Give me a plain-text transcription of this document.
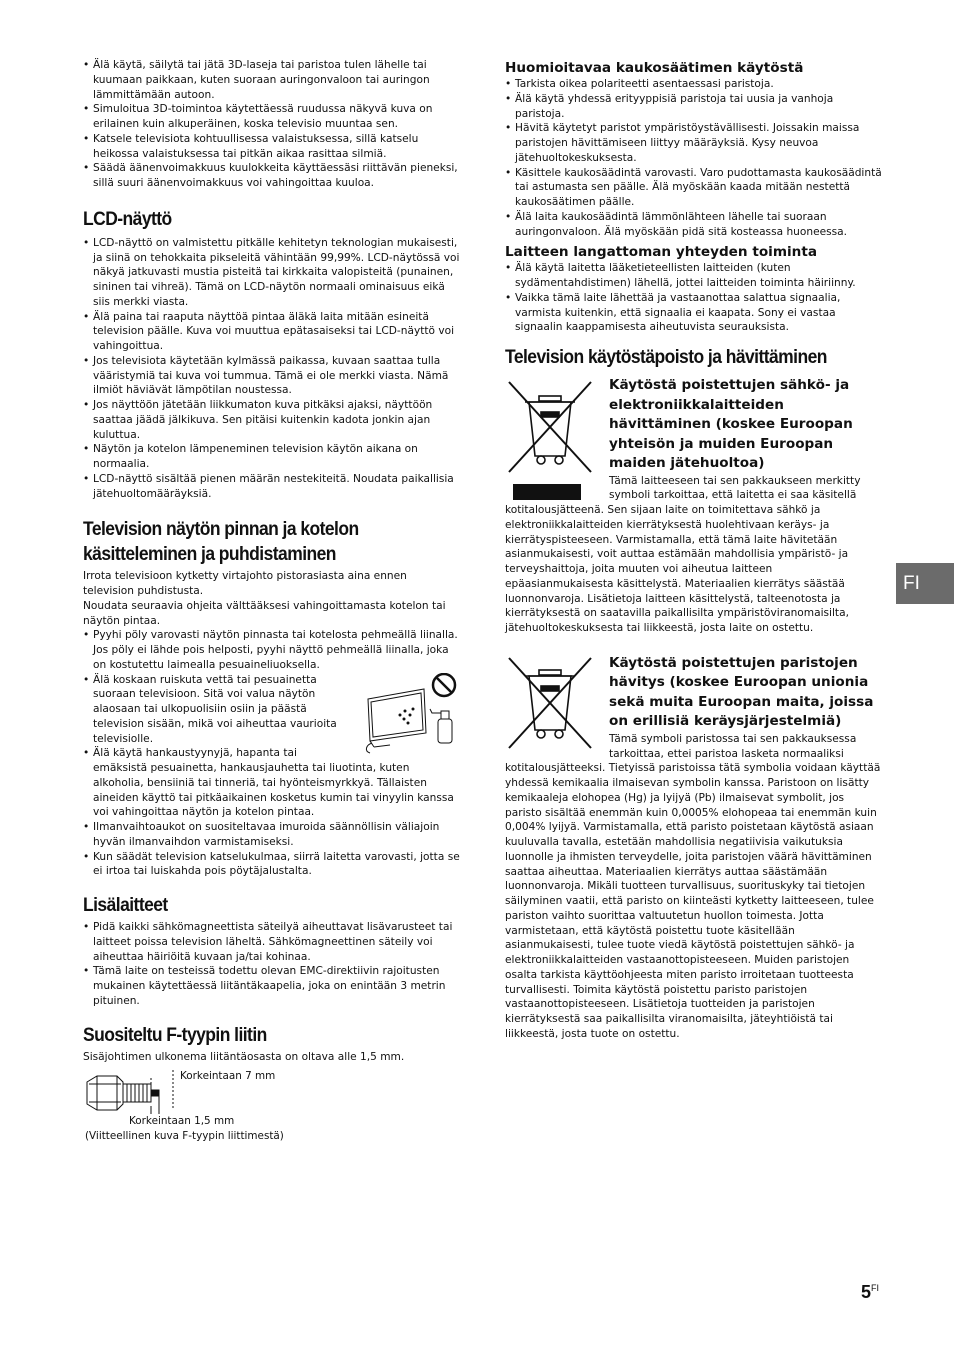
• Älä käytä, säilytä tai jätä 3D-laseja tai paristoa tulen lähelle tai kuumaan paikkaan, kuten suoraan auringonvaloon tai auringon lämmittämään autoon.
• Simuloitua 3D-toimintoa käytettäessä ruudussa näkyvä kuva on erilainen kuin alkuperäinen, koska televisio muuntaa sen.
• Katsele televisiota kohtuullisessa valaistuksessa, sillä katselu heikossa valaistuksessa tai pitkän aikaa rasittaa silmiä.
• Säädä äänenvoimakkuus kuulokkeita käyttäessäsi riittävän pieneksi, sillä suuri äänenvoimakkuus voi vahingoittaa kuuloa.
LCD-näyttö
• LCD-näyttö on valmistettu pitkälle kehitetyn teknologian mukaisesti, ja siinä on tehokkaita pikseleitä vähintään 99,99%. LCD-näytössä voi näkyä jatkuvasti mustia pisteitä tai kirkkaita valopisteitä (punainen, sininen tai vihreä). Tämä on LCD-näytön normaali ominaisuus eikä siis merkki viasta.
• Älä paina tai raaputa näyttöä pintaa äläkä laita mitään esineitä television päälle. Kuva voi muuttua epätasaiseksi tai LCD-näyttö voi vahingoittua.
• Jos televisiota käytetään kylmässä paikassa, kuvaan saattaa tulla vääristymiä tai kuva voi tummua. Tämä ei ole merkki viasta. Nämä ilmiöt häviävät lämpötilan noustessa.
• Jos näyttöön jätetään liikkumaton kuva pitkäksi ajaksi, näyttöön saattaa jäädä jälkikuva. Sen pitäisi kuitenkin kadota jonkin ajan kuluttua.
• Näytön ja kotelon lämpeneminen television käytön aikana on normaalia.
• LCD-näyttö sisältää pienen määrän nestekiteitä. Noudata paikallisia jätehuoltomääräyksiä.
Television näytön pinnan ja kotelon
käsitteleminen ja puhdistaminen

Irrota televisioon kytketty virtajohto pistorasiasta aina ennen television puhdistusta.

Noudata seuraavia ohjeita välttääksesi vahingoittamasta kotelon tai näytön pintaa.

• Pyyhi pöly varovasti näytön pinnasta tai kotelosta pehmeällä liinalla. Jos pöly ei lähde pois helposti, pyyhi näyttö pehmeällä liinalla, joka on kostutettu laimealla pesuaineliuoksella.
• Älä koskaan ruiskuta vettä tai pesuainetta suoraan televisioon. Sitä voi valua näytön alaosaan tai ulkopuolisiin osiin ja päästä television sisään, mikä voi aiheuttaa vaurioita televisiolle.
• Älä käytä hankaustyynyjä, hapanta tai emäksistä pesuainetta, hankausjauhetta tai liuotinta, kuten alkoholia, bensiiniä tai tinneriä, tai hyönteismyrkkyä. Tällaisten aineiden käyttö tai pitkäaikainen kosketus kumin tai vinyylin kanssa voi vahingoittaa näytön ja kotelon pintaa.
• Ilmanvaihtoaukot on suositeltavaa imuroida säännöllisin väliajoin hyvän ilmanvaihdon varmistamiseksi.
• Kun säädät television katselukulmaa, siirrä laitetta varovasti, jotta se ei irtoa tai luiskahda pois pöytäjalustalta.
Lisälaitteet
• Pidä kaikki sähkömagneettista säteilyä aiheuttavat lisävarusteet tai laitteet poissa television läheltä. Sähkömagneettinen säteily voi aiheuttaa häiriöitä kuvaan ja/tai kohinaa.
• Tämä laite on testeissä todettu olevan EMC-direktiivin rajoitusten mukainen käytettäessä liitäntäkaapelia, joka on enintään 3 metrin pituinen.
Suositeltu F-tyypin liitin

Sisäjohtimen ulkonema liitäntäosasta on oltava alle 1,5 mm.

Korkeintaan 7 mm
Korkeintaan 1,5 mm
(Viitteellinen kuva F-tyypin liittimestä)
Huomioitavaa kaukosäätimen käytöstä
• Tarkista oikea polariteetti asentaessasi paristoja.
• Älä käytä yhdessä erityyppisiä paristoja tai uusia ja vanhoja paristoja.
• Hävitä käytetyt paristot ympäristöystävällisesti. Joissakin maissa paristojen hävittämiseen liittyy määräyksiä. Kysy neuvoa jätehuoltokeskuksesta.
• Käsittele kaukosäädintä varovasti. Varo pudottamasta kaukosäädintä tai astumasta sen päälle. Älä myöskään kaada mitään nestettä kaukosäätimen päälle.
• Älä laita kaukosäädintä lämmönlähteen lähelle tai suoraan auringonvaloon. Älä myöskään pidä sitä kosteassa huoneessa.
Laitteen langattoman yhteyden toiminta
• Älä käytä laitetta lääketieteellisten laitteiden (kuten sydämentahdistimen) lähellä, jottei laitteiden toiminta häiriinny.
• Vaikka tämä laite lähettää ja vastaanottaa salattua signaalia, varmista kuitenkin, että signaalia ei kaapata. Sony ei vastaa signaalin kaappamisesta aiheutuvista seurauksista.
Television käytöstäpoisto ja hävittäminen
Käytöstä poistettujen sähkö- ja elektroniikkalaitteiden hävittäminen (koskee Euroopan yhteisön ja muiden Euroopan maiden jätehuoltoa)

Tämä laitteeseen tai sen pakkaukseen merkitty symboli tarkoittaa, että laitetta ei saa käsitellä kotitalousjätteenä. Sen sijaan laite on toimitettava sähkö ja elektroniikkalaitteiden kierrätyksestä huolehtivaan keräys- ja kierrätyspisteeseen. Varmistamalla, että tämä laite hävitetään asianmukaisesti, voit auttaa estämään mahdollisia ympäristö- ja terveyshaittoja, joita muuten voi aiheutua laitteen epäasianmukaisesta käsittelystä. Materiaalien kierrätys säästää luonnonvaroja. Lisätietoja laitteen käsittelystä, talteenotosta ja kierrätyksestä on saatavilla paikallisilta ympäristöviranomaisilta, jätehuoltokeskuksesta tai liikkeestä, josta laite on ostettu.

Käytöstä poistettujen paristojen hävitys (koskee Euroopan unionia sekä muita Euroopan maita, joissa on erillisiä keräysjärjestelmiä)

Tämä symboli paristossa tai sen pakkauksessa tarkoittaa, ettei paristoa lasketa normaaliksi kotitalousjätteeksi. Tietyissä paristoissa tätä symbolia voidaan käyttää yhdessä kemikaalia ilmaisevan symbolin kanssa. Paristoon on lisätty kemikaaleja elohopea (Hg) ja lyijyä (Pb) ilmaisevat symbolit, jos paristo sisältää enemmän kuin 0,0005% elohopeaa tai enemmän kuin 0,004% lyijyä. Varmistamalla, että paristo poistetaan käytöstä asiaan kuuluvalla tavalla, estetään mahdollisia negatiivisia vaikutuksia luonnolle ja ihmisten terveydelle, joita paristojen väärä hävittäminen saattaa aiheuttaa. Materiaalien kierrätys auttaa säästämään luonnonvaroja. Mikäli tuotteen turvallisuus, suorituskyky tai tietojen säilyminen vaatii, että paristo on kiinteästi kytketty laitteeseen, tulee pariston vaihto suorittaa valtuutetun huollon toimesta. Jotta varmistetaan, että käytöstä poistettu tuote käsitellään asianmukaisesti, tulee tuote viedä käytöstä poistettujen sähkö- ja elektroniikkalaitteiden vastaanottopisteeseen. Muiden paristojen osalta tarkista käyttöohjeesta miten paristo irroitetaan tuotteesta turvallisesti. Toimita käytöstä poistettu paristo paristojen vastaanottopisteeseen. Lisätietoja tuotteiden ja paristojen kierrätyksestä saa paikallisilta viranomaisilta, jäteyhtiöistä tai liikkeestä, josta tuote on ostettu.

FI
$5^{FI}$
